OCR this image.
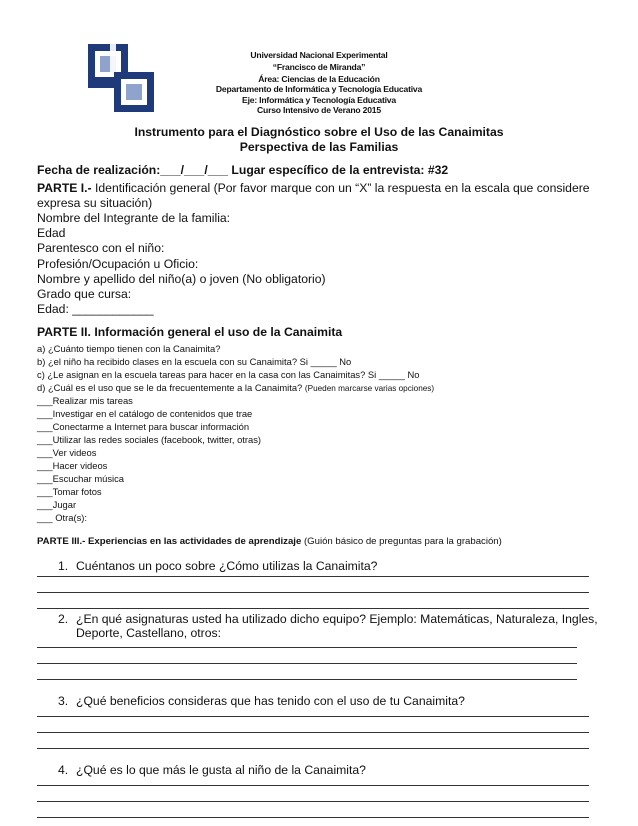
Universidad Nacional Experimental
“Francisco de Miranda”
Área: Ciencias de la Educación
Departamento de Informática y Tecnología Educativa
Eje: Informática y Tecnología Educativa
Curso Intensivo de Verano 2015
Instrumento para el Diagnóstico sobre el Uso de las Canaimitas
Perspectiva de las Familias
Fecha de realización:___/___/___ Lugar específico de la entrevista: #32
PARTE I.- Identificación general (Por favor marque con un “X” la respuesta en la escala que considere
expresa su situación)
Nombre del Integrante de la familia:
Edad
Parentesco con el niño:
Profesión/Ocupación u Oficio:
Nombre y apellido del niño(a) o joven (No obligatorio)
Grado que cursa:
Edad: ____________
PARTE II. Información general el uso de la Canaimita
a) ¿Cuánto tiempo tienen con la Canaimita?
b) ¿el niño ha recibido clases en la escuela con su Canaimita? Si _____ No
c) ¿Le asignan en la escuela tareas para hacer en la casa con las Canaimitas? Si _____ No
d) ¿Cuál es el uso que se le da frecuentemente a la Canaimita? (Pueden marcarse varias opciones)
___Realizar mis tareas
___Investigar en el catálogo de contenidos que trae
___Conectarme a Internet para buscar información
___Utilizar las redes sociales (facebook, twitter, otras)
___Ver videos
___Hacer videos
___Escuchar música
___Tomar fotos
___Jugar
___ Otra(s):
PARTE III.- Experiencias en las actividades de aprendizaje (Guión básico de preguntas para la grabación)
1. Cuéntanos un poco sobre ¿Cómo utilizas la Canaimita?
2. ¿En qué asignaturas usted ha utilizado dicho equipo? Ejemplo: Matemáticas, Naturaleza, Ingles,
Deporte, Castellano, otros:
3. ¿Qué beneficios consideras que has tenido con el uso de tu Canaimita?
4. ¿Qué es lo que más le gusta al niño de la Canaimita?
